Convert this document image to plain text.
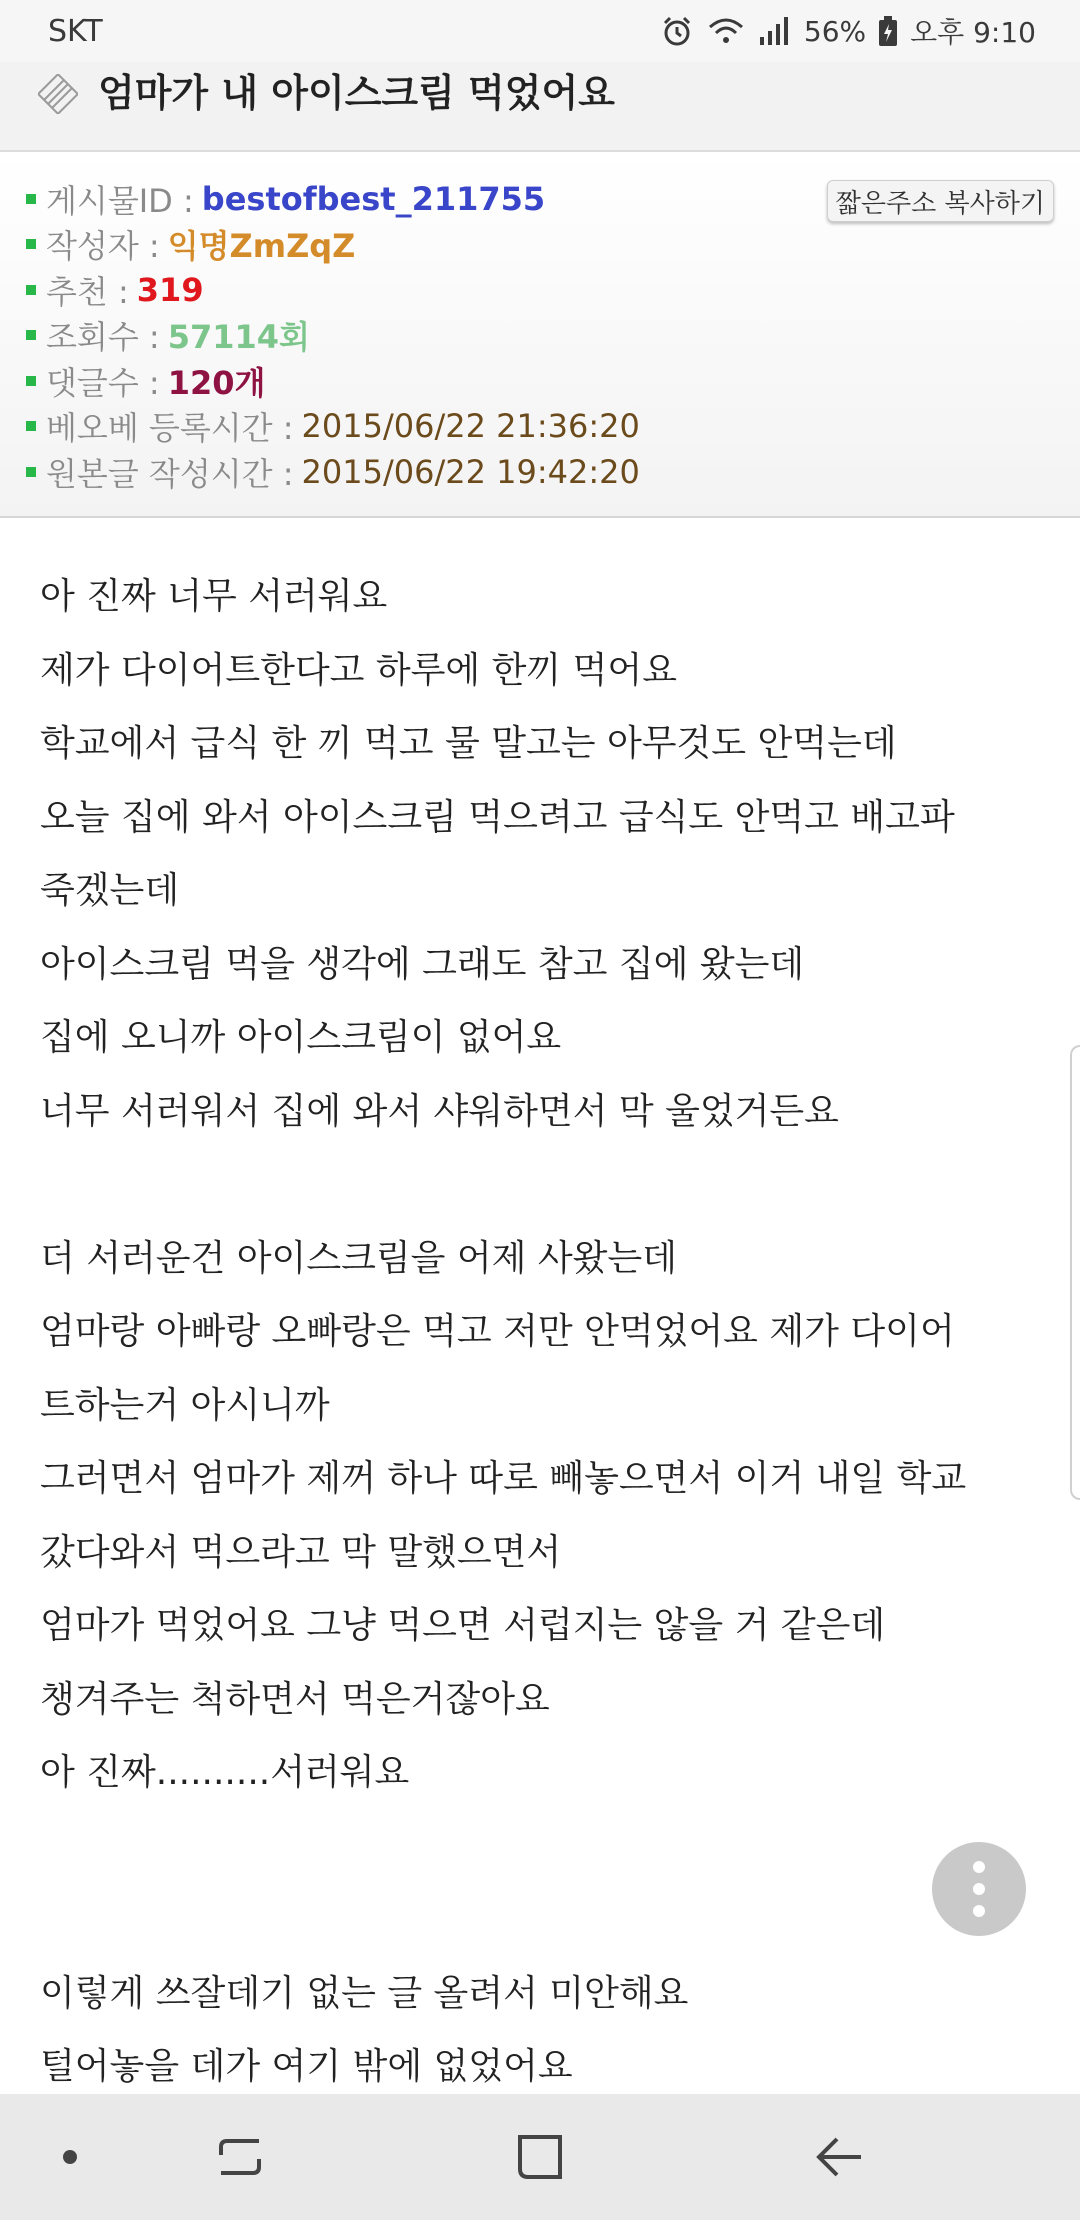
SKT	56% 오후 9:10
엄마가 내 아이스크림 먹었어요
짧은주소 복사하기
게시물ID : bestofbest_211755
작성자 : 익명ZmZqZ
추천 : 319
조회수 : 57114회
댓글수 : 120개
베오베 등록시간 : 2015/06/22 21:36:20
원본글 작성시간 : 2015/06/22 19:42:20
아 진짜 너무 서러워요
제가 다이어트한다고 하루에 한끼 먹어요
학교에서 급식 한 끼 먹고 물 말고는 아무것도 안먹는데
오늘 집에 와서 아이스크림 먹으려고 급식도 안먹고 배고파
죽겠는데
아이스크림 먹을 생각에 그래도 참고 집에 왔는데
집에 오니까 아이스크림이 없어요
너무 서러워서 집에 와서 샤워하면서 막 울었거든요
더 서러운건 아이스크림을 어제 사왔는데
엄마랑 아빠랑 오빠랑은 먹고 저만 안먹었어요 제가 다이어
트하는거 아시니까
그러면서 엄마가 제꺼 하나 따로 빼놓으면서 이거 내일 학교
갔다와서 먹으라고 막 말했으면서
엄마가 먹었어요 그냥 먹으면 서럽지는 않을 거 같은데
챙겨주는 척하면서 먹은거잖아요
아 진짜..........서러워요
이렇게 쓰잘데기 없는 글 올려서 미안해요
털어놓을 데가 여기 밖에 없었어요
